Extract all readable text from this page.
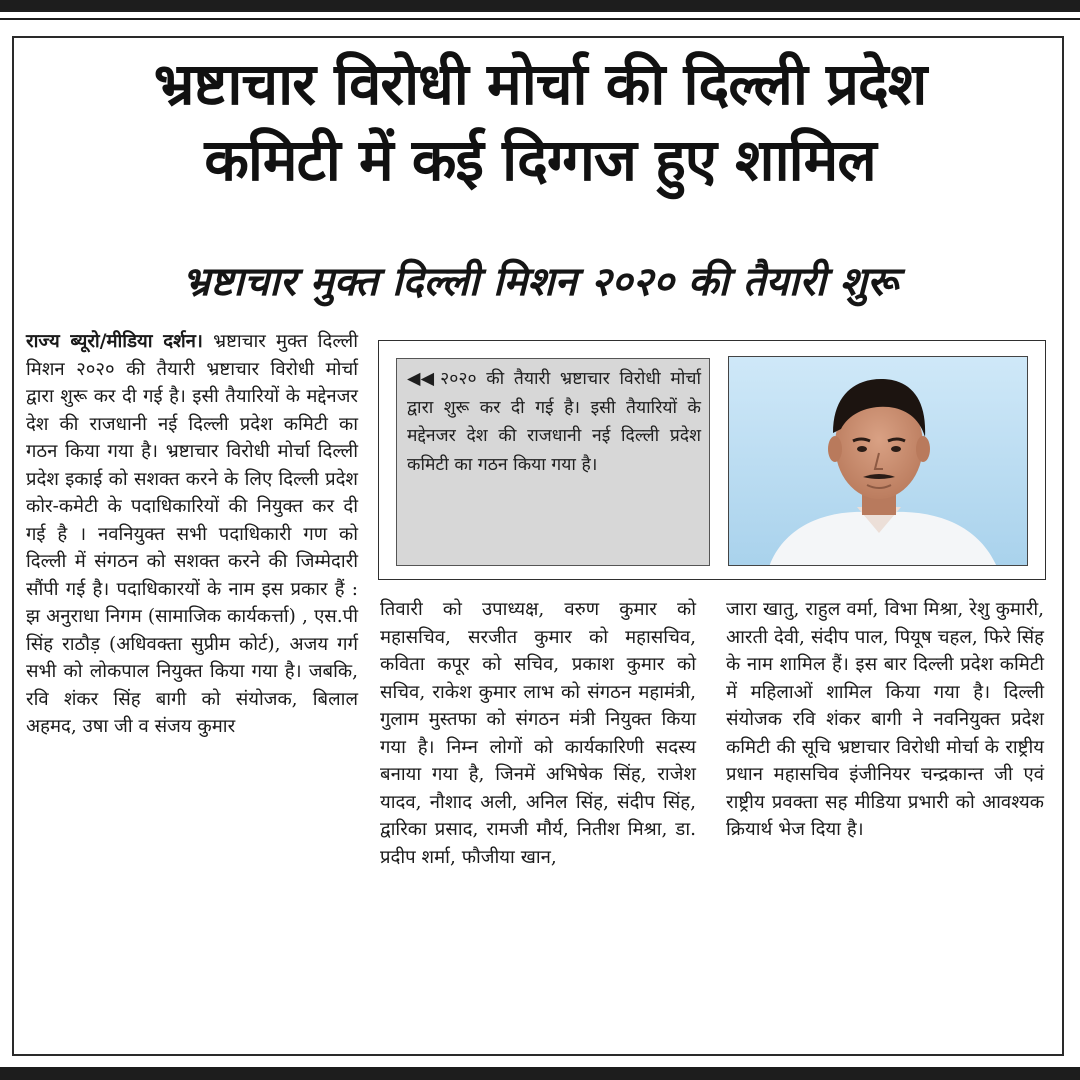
भ्रष्टाचार विरोधी मोर्चा की दिल्ली प्रदेश
कमिटी में कई दिग्गज हुए शामिल
भ्रष्टाचार मुक्त दिल्ली मिशन २०२० की तैयारी शुरू
राज्य ब्यूरो/मीडिया दर्शन। भ्रष्टाचार मुक्त दिल्ली मिशन २०२० की तैयारी भ्रष्टाचार विरोधी मोर्चा द्वारा शुरू कर दी गई है। इसी तैयारियों के मद्देनजर देश की राजधानी नई दिल्ली प्रदेश कमिटी का गठन किया गया है। भ्रष्टाचार विरोधी मोर्चा दिल्ली प्रदेश इकाई को सशक्त करने के लिए दिल्ली प्रदेश कोर-कमेटी के पदाधिकारियों की नियुक्त कर दी गई है । नवनियुक्त सभी पदाधिकारी गण को दिल्ली में संगठन को सशक्त करने की जिम्मेदारी सौंपी गई है। पदाधिकारयों के नाम इस प्रकार हैं : झ अनुराधा निगम (सामाजिक कार्यकर्त्ता) , एस.पी सिंह राठौड़ (अधिवक्ता सुप्रीम कोर्ट), अजय गर्ग सभी को लोकपाल नियुक्त किया गया है। जबकि, रवि शंकर सिंह बागी को संयोजक, बिलाल अहमद, उषा जी व संजय कुमार
◀◀ २०२० की तैयारी भ्रष्टाचार विरोधी मोर्चा द्वारा शुरू कर दी गई है। इसी तैयारियों के मद्देनजर देश की राजधानी नई दिल्ली प्रदेश कमिटी का गठन किया गया है।
तिवारी को उपाध्यक्ष, वरुण कुमार को महासचिव, सरजीत कुमार को महासचिव, कविता कपूर को सचिव, प्रकाश कुमार को सचिव, राकेश कुमार लाभ को संगठन महामंत्री, गुलाम मुस्तफा को संगठन मंत्री नियुक्त किया गया है। निम्न लोगों को कार्यकारिणी सदस्य बनाया गया है, जिनमें अभिषेक सिंह, राजेश यादव, नौशाद अली, अनिल सिंह, संदीप सिंह, द्वारिका प्रसाद, रामजी मौर्य, नितीश मिश्रा, डा. प्रदीप शर्मा, फौजीया खान,
जारा खातु, राहुल वर्मा, विभा मिश्रा, रेशु कुमारी, आरती देवी, संदीप पाल, पियूष चहल, फिरे सिंह के नाम शामिल हैं। इस बार दिल्ली प्रदेश कमिटी में महिलाओं शामिल किया गया है। दिल्ली संयोजक रवि शंकर बागी ने नवनियुक्त प्रदेश कमिटी की सूचि भ्रष्टाचार विरोधी मोर्चा के राष्ट्रीय प्रधान महासचिव इंजीनियर चन्द्रकान्त जी एवं राष्ट्रीय प्रवक्ता सह मीडिया प्रभारी को आवश्यक क्रियार्थ भेज दिया है।
